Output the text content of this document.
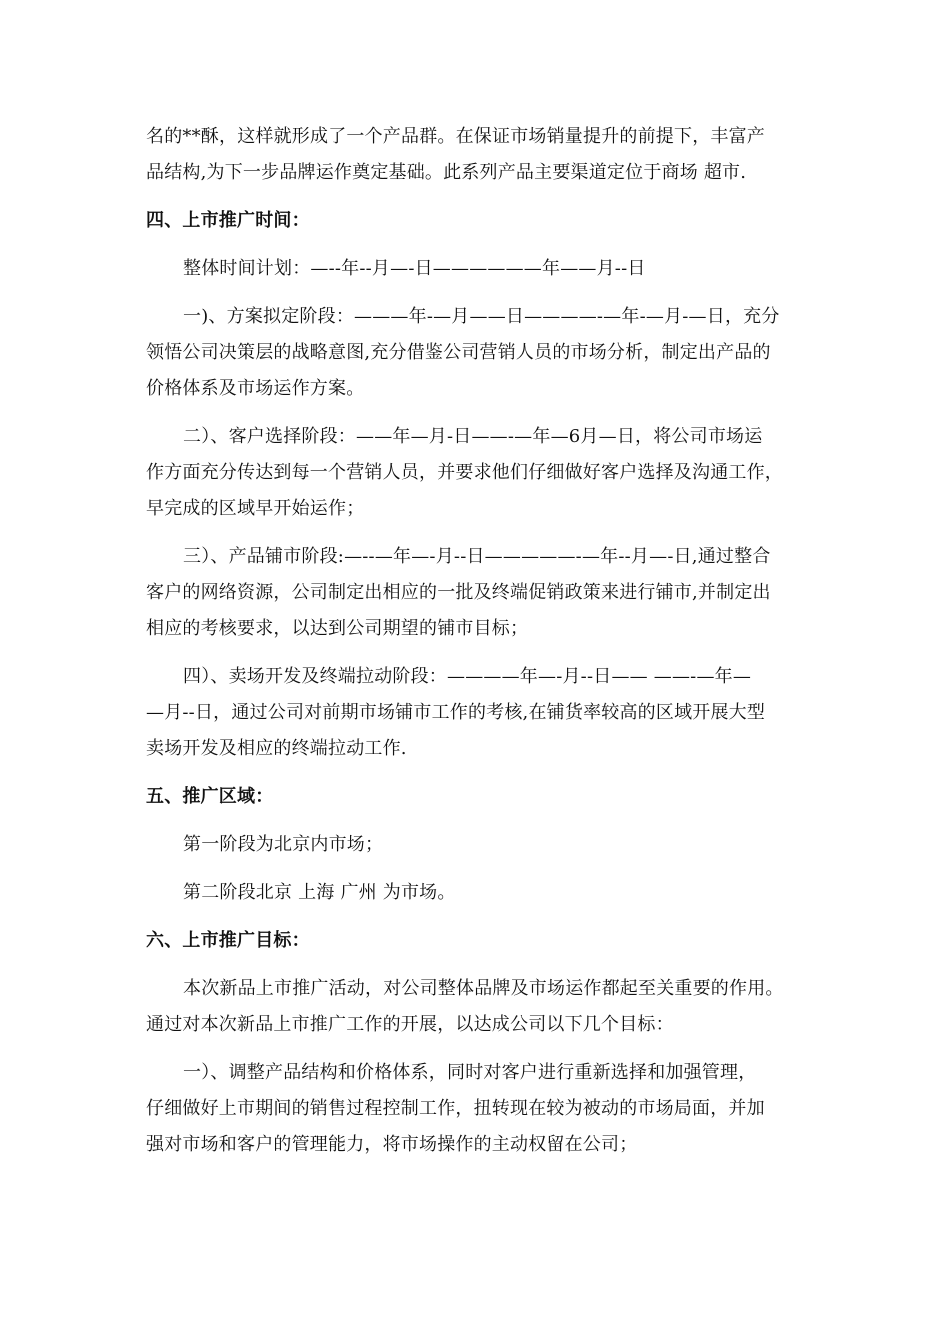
名的**酥，这样就形成了一个产品群。在保证市场销量提升的前提下，丰富产
品结构,为下一步品牌运作奠定基础。此系列产品主要渠道定位于商场 超市.
四、上市推广时间：
整体时间计划：—--年--月—-日——————年——月--日
一)、方案拟定阶段：———年-—月——日————-—年-—月-—日，充分
领悟公司决策层的战略意图,充分借鉴公司营销人员的市场分析，制定出产品的
价格体系及市场运作方案。
二）、客户选择阶段：——年—月-日——-—年—6月—日，将公司市场运
作方面充分传达到每一个营销人员，并要求他们仔细做好客户选择及沟通工作，
早完成的区域早开始运作；
三）、产品铺市阶段:—--—年—-月--日—————-—年--月—-日,通过整合
客户的网络资源，公司制定出相应的一批及终端促销政策来进行铺市,并制定出
相应的考核要求，以达到公司期望的铺市目标；
四）、卖场开发及终端拉动阶段：————年—-月--日—— ——-—年—
—月--日，通过公司对前期市场铺市工作的考核,在铺货率较高的区域开展大型
卖场开发及相应的终端拉动工作.
五、推广区域：
第一阶段为北京内市场；
第二阶段北京 上海 广州 为市场。
六、上市推广目标：
本次新品上市推广活动，对公司整体品牌及市场运作都起至关重要的作用。
通过对本次新品上市推广工作的开展，以达成公司以下几个目标：
一）、调整产品结构和价格体系，同时对客户进行重新选择和加强管理，
仔细做好上市期间的销售过程控制工作，扭转现在较为被动的市场局面，并加
强对市场和客户的管理能力，将市场操作的主动权留在公司；
